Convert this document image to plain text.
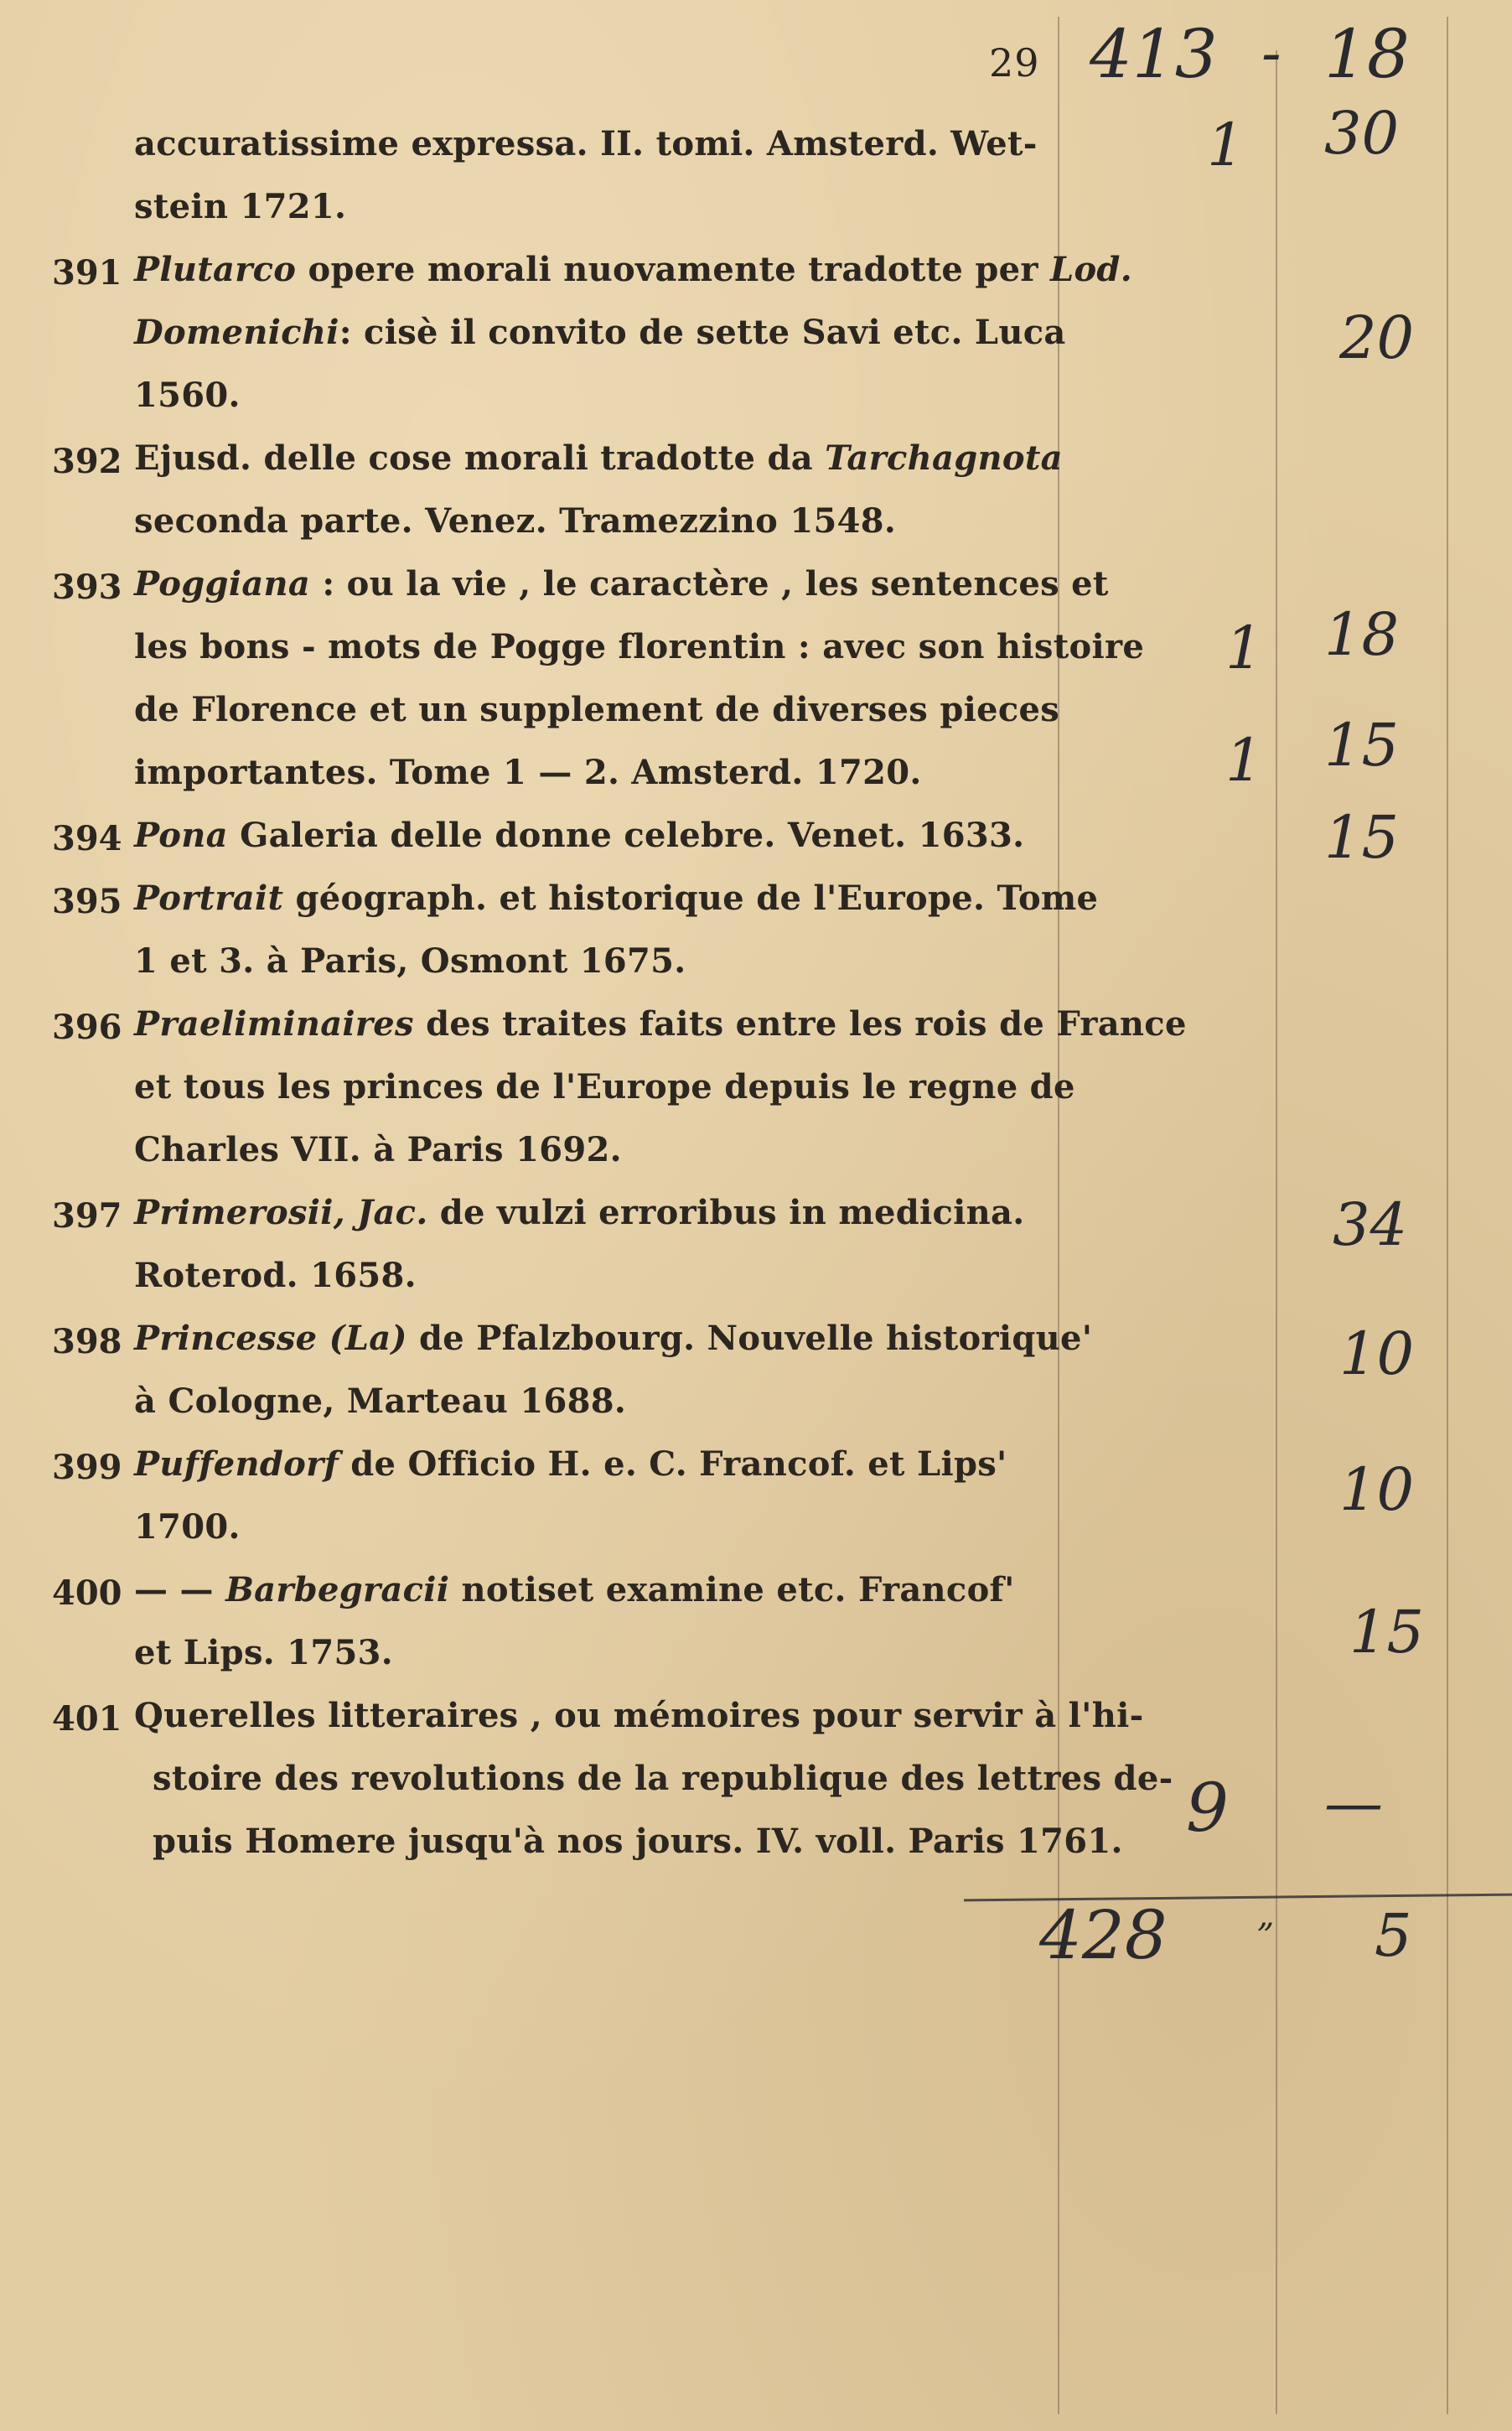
29
accuratissime expressa. II. tomi. Amsterd. Wet-
stein 1721.
391 Plutarco opere morali nuovamente tradotte per Lod.
Domenichi: cisè il convito de sette Savi etc. Luca
1560.
392 Ejusd. delle cose morali tradotte da Tarchagnota
seconda parte. Venez. Tramezzino 1548.
393 Poggiana : ou la vie , le caractère , les sentences et
les bons - mots de Pogge florentin : avec son histoire
de Florence et un supplement de diverses pieces
importantes. Tome 1 — 2. Amsterd. 1720.
394 Pona Galeria delle donne celebre. Venet. 1633.
395 Portrait géograph. et historique de l'Europe. Tome
1 et 3. à Paris, Osmont 1675.
396 Praeliminaires des traites faits entre les rois de France
et tous les princes de l'Europe depuis le regne de
Charles VII. à Paris 1692.
397 Primerosii, Jac. de vulzi erroribus in medicina.
Roterod. 1658.
398 Princesse (La) de Pfalzbourg. Nouvelle historique'
à Cologne, Marteau 1688.
399 Puffendorf de Officio H. e. C. Francof. et Lips'
1700.
400 — — Barbegracii notiset examine etc. Francof'
et Lips. 1753.
401 Querelles litteraires , ou mémoires pour servir à l'hi-
stoire des revolutions de la republique des lettres de-
puis Homere jusqu'à nos jours. IV. voll. Paris 1761.
413 - 18
1 30
20
1 18
1 15
15
34
10
10
15
9 —
428	„ 5
